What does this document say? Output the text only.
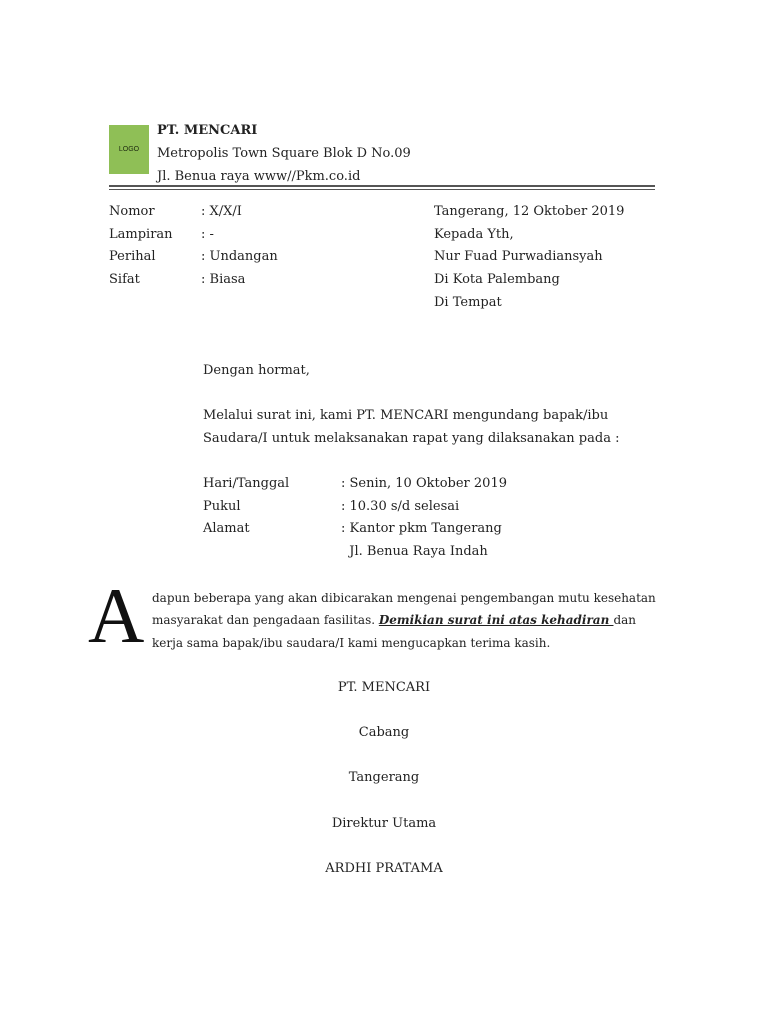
LOGO
PT. MENCARI
Metropolis Town Square Blok D No.09
Jl. Benua raya www//Pkm.co.id
Nomor	: X/X/I
Lampiran : -
Perihal	: Undangan
Sifat	: Biasa
Tangerang, 12 Oktober 2019
Kepada Yth,
Nur Fuad Purwadiansyah
Di Kota Palembang
Di Tempat
Dengan hormat,
Melalui surat ini, kami PT. MENCARI mengundang bapak/ibu
Saudara/I untuk melaksanakan rapat yang dilaksanakan pada :
Hari/Tanggal	: Senin, 10 Oktober 2019
Pukul	: 10.30 s/d selesai
Alamat	: Kantor pkm Tangerang
Jl. Benua Raya Indah
A dapun beberapa yang akan dibicarakan mengenai pengembangan mutu kesehatan
masyarakat dan pengadaan fasilitas. Demikian surat ini atas kehadiran dan
kerja sama bapak/ibu saudara/I kami mengucapkan terima kasih.
PT. MENCARI
Cabang
Tangerang
Direktur Utama
ARDHI PRATAMA
